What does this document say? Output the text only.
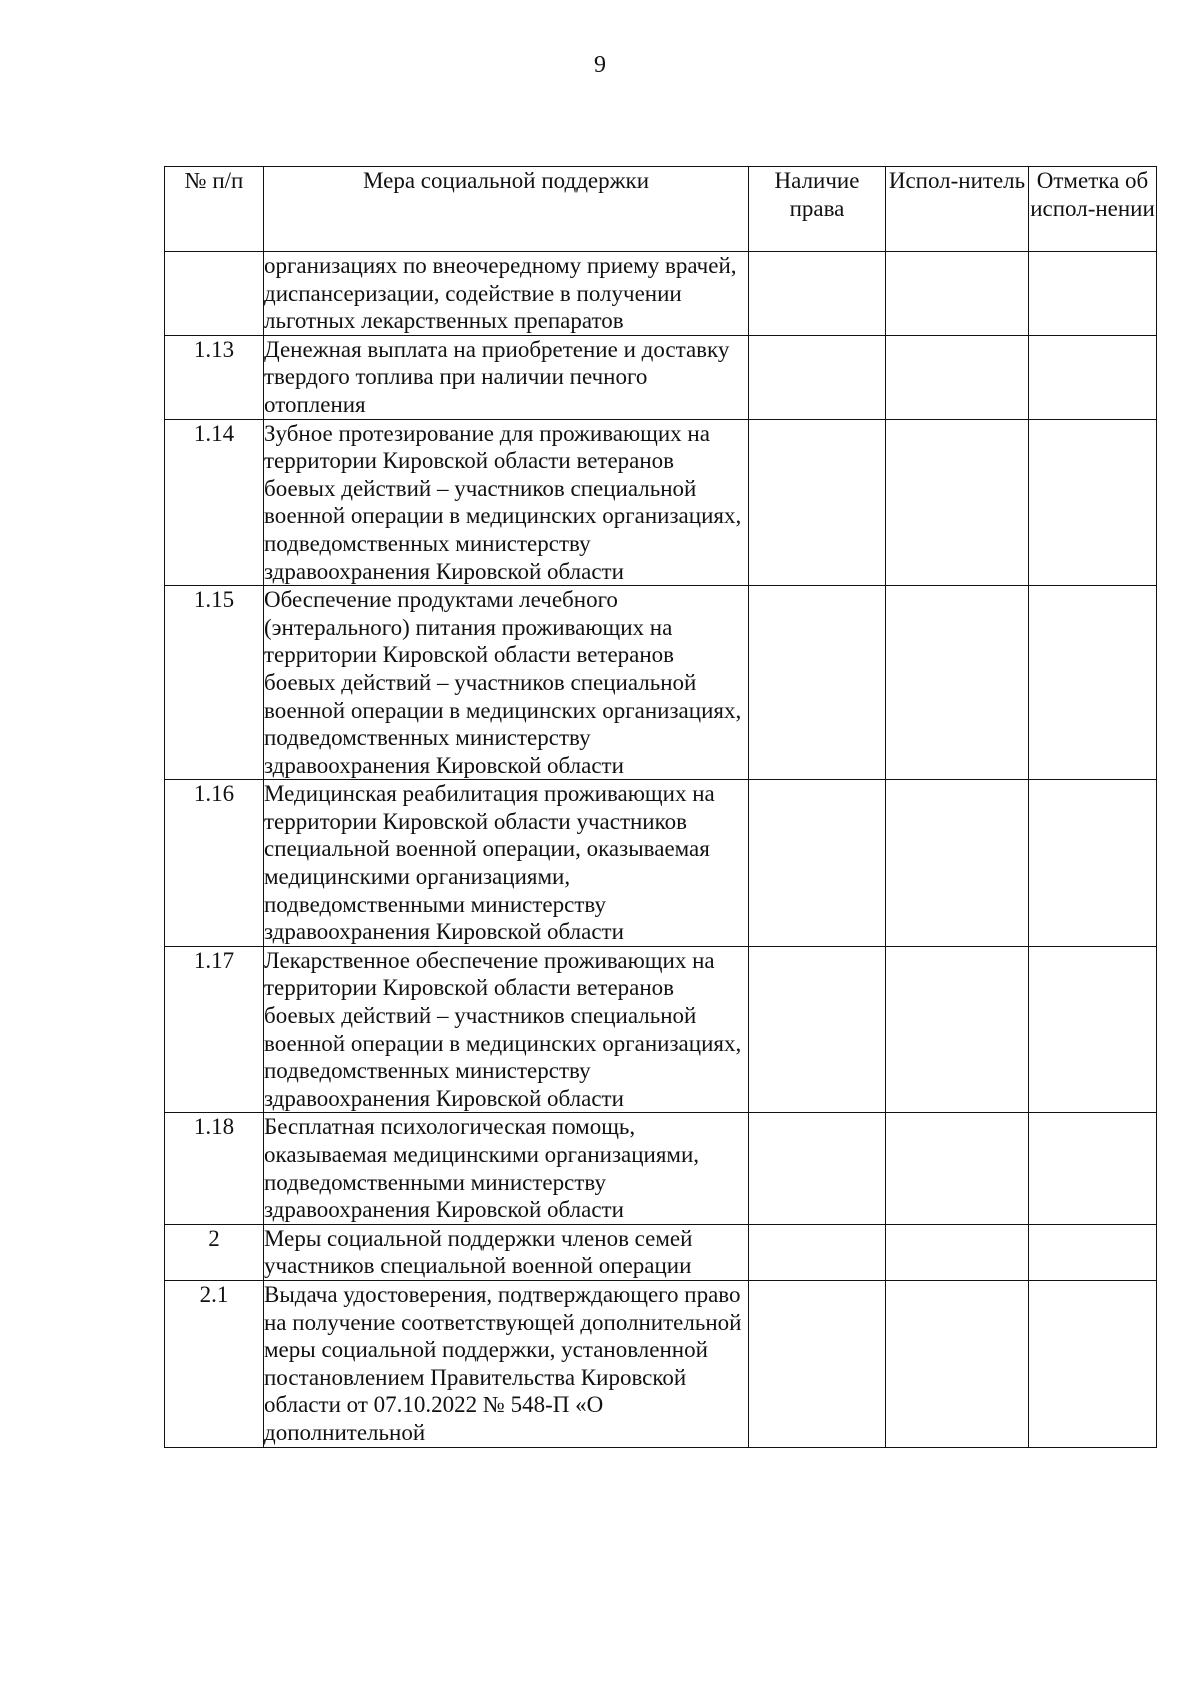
9
№ п/п	Мера социальной поддержки	Наличие права	Испол-нитель	Отметка об испол-нении
	организациях по внеочередному приему врачей, диспансеризации, содействие в получении льготных лекарственных препаратов			
1.13	Денежная выплата на приобретение и доставку твердого топлива при наличии печного отопления			
1.14	Зубное протезирование для проживающих на территории Кировской области ветеранов боевых действий – участников специальной военной операции в медицинских организациях, подведомственных министерству здравоохранения Кировской области			
1.15	Обеспечение продуктами лечебного (энтерального) питания проживающих на территории Кировской области ветеранов боевых действий – участников специальной военной операции в медицинских организациях, подведомственных министерству здравоохранения Кировской области			
1.16	Медицинская реабилитация проживающих на территории Кировской области участников специальной военной операции, оказываемая медицинскими организациями, подведомственными министерству здравоохранения Кировской области			
1.17	Лекарственное обеспечение проживающих на территории Кировской области ветеранов боевых действий – участников специальной военной операции в медицинских организациях, подведомственных министерству здравоохранения Кировской области			
1.18	Бесплатная психологическая помощь, оказываемая медицинскими организациями, подведомственными министерству здравоохранения Кировской области			
2	Меры социальной поддержки членов семей участников специальной военной операции			
2.1	Выдача удостоверения, подтверждающего право на получение соответствующей дополнительной меры социальной поддержки, установленной постановлением Правительства Кировской области от 07.10.2022 № 548-П «О дополнительной			
